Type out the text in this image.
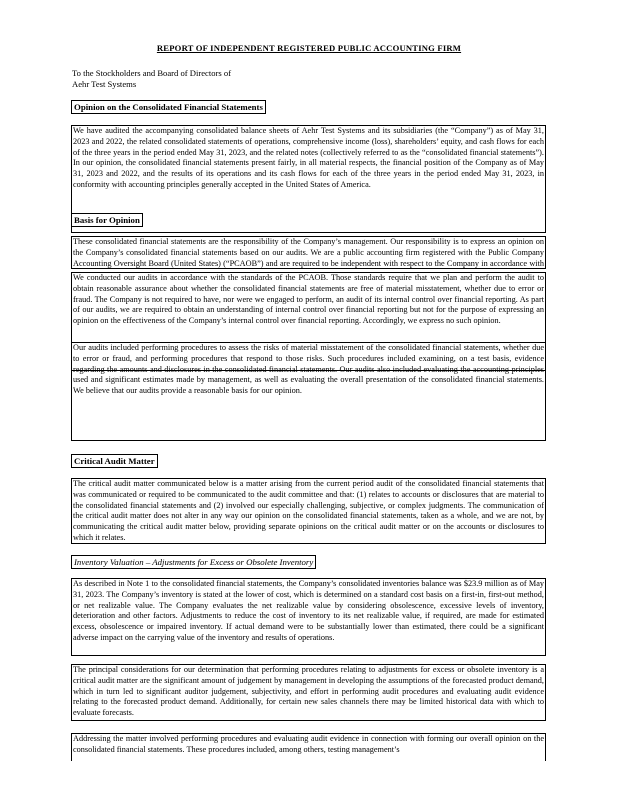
REPORT OF INDEPENDENT REGISTERED PUBLIC ACCOUNTING FIRM
To the Stockholders and Board of Directors of
Aehr Test Systems
Opinion on the Consolidated Financial Statements
We have audited the accompanying consolidated balance sheets of Aehr Test Systems and its subsidiaries (the “Company”) as of May 31, 2023 and 2022, the related consolidated statements of operations, comprehensive income (loss), shareholders’ equity, and cash flows for each of the three years in the period ended May 31, 2023, and the related notes (collectively referred to as the “consolidated financial statements”). In our opinion, the consolidated financial statements present fairly, in all material respects, the financial position of the Company as of May 31, 2023 and 2022, and the results of its operations and its cash flows for each of the three years in the period ended May 31, 2023, in conformity with accounting principles generally accepted in the United States of America.
Basis for Opinion
These consolidated financial statements are the responsibility of the Company’s management. Our responsibility is to express an opinion on the Company’s consolidated financial statements based on our audits. We are a public accounting firm registered with the Public Company Accounting Oversight Board (United States) (“PCAOB”) and are required to be independent with respect to the Company in accordance with
We conducted our audits in accordance with the standards of the PCAOB. Those standards require that we plan and perform the audit to obtain reasonable assurance about whether the consolidated financial statements are free of material misstatement, whether due to error or fraud. The Company is not required to have, nor were we engaged to perform, an audit of its internal control over financial reporting. As part of our audits, we are required to obtain an understanding of internal control over financial reporting but not for the purpose of expressing an opinion on the effectiveness of the Company’s internal control over financial reporting. Accordingly, we express no such opinion.
Our audits included performing procedures to assess the risks of material misstatement of the consolidated financial statements, whether due to error or fraud, and performing procedures that respond to those risks. Such procedures included examining, on a test basis, evidence regarding the amounts and disclosures in the consolidated financial statements. Our audits also included evaluating the accounting principles used and significant estimates made by management, as well as evaluating the overall presentation of the consolidated financial statements. We believe that our audits provide a reasonable basis for our opinion.
Critical Audit Matter
The critical audit matter communicated below is a matter arising from the current period audit of the consolidated financial statements that was communicated or required to be communicated to the audit committee and that: (1) relates to accounts or disclosures that are material to the consolidated financial statements and (2) involved our especially challenging, subjective, or complex judgments. The communication of the critical audit matter does not alter in any way our opinion on the consolidated financial statements, taken as a whole, and we are not, by communicating the critical audit matter below, providing separate opinions on the critical audit matter or on the accounts or disclosures to which it relates.
Inventory Valuation – Adjustments for Excess or Obsolete Inventory
As described in Note 1 to the consolidated financial statements, the Company’s consolidated inventories balance was $23.9 million as of May 31, 2023. The Company’s inventory is stated at the lower of cost, which is determined on a standard cost basis on a first-in, first-out method, or net realizable value. The Company evaluates the net realizable value by considering obsolescence, excessive levels of inventory, deterioration and other factors. Adjustments to reduce the cost of inventory to its net realizable value, if required, are made for estimated excess, obsolescence or impaired inventory. If actual demand were to be substantially lower than estimated, there could be a significant adverse impact on the carrying value of the inventory and results of operations.
The principal considerations for our determination that performing procedures relating to adjustments for excess or obsolete inventory is a critical audit matter are the significant amount of judgement by management in developing the assumptions of the forecasted product demand, which in turn led to significant auditor judgement, subjectivity, and effort in performing audit procedures and evaluating audit evidence relating to the forecasted product demand. Additionally, for certain new sales channels there may be limited historical data with which to evaluate forecasts.
Addressing the matter involved performing procedures and evaluating audit evidence in connection with forming our overall opinion on the consolidated financial statements. These procedures included, among others, testing management’s
